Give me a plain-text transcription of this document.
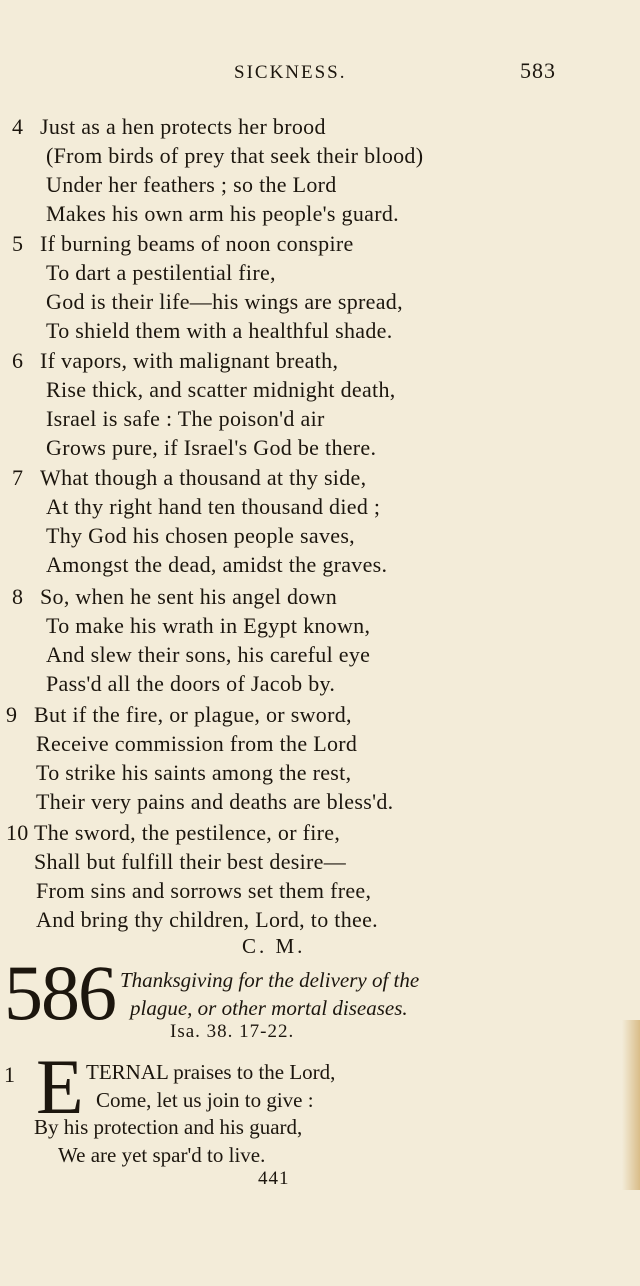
SICKNESS.	583
4 Just as a hen protects her brood
(From birds of prey that seek their blood)
Under her feathers ; so the Lord
Makes his own arm his people's guard.
5 If burning beams of noon conspire
To dart a pestilential fire,
God is their life—his wings are spread,
To shield them with a healthful shade.
6 If vapors, with malignant breath,
Rise thick, and scatter midnight death,
Israel is safe : The poison'd air
Grows pure, if Israel's God be there.
7 What though a thousand at thy side,
At thy right hand ten thousand died ;
Thy God his chosen people saves,
Amongst the dead, amidst the graves.
8 So, when he sent his angel down
To make his wrath in Egypt known,
And slew their sons, his careful eye
Pass'd all the doors of Jacob by.
9 But if the fire, or plague, or sword,
Receive commission from the Lord
To strike his saints among the rest,
Their very pains and deaths are bless'd.
10 The sword, the pestilence, or fire,
Shall but fulfill their best desire—
From sins and sorrows set them free,
And bring thy children, Lord, to thee.
C. M.
586 Thanksgiving for the delivery of the
plague, or other mortal diseases.
Isa. 38. 17-22.
1 E TERNAL praises to the Lord,
Come, let us join to give :
By his protection and his guard,
We are yet spar'd to live.
441
